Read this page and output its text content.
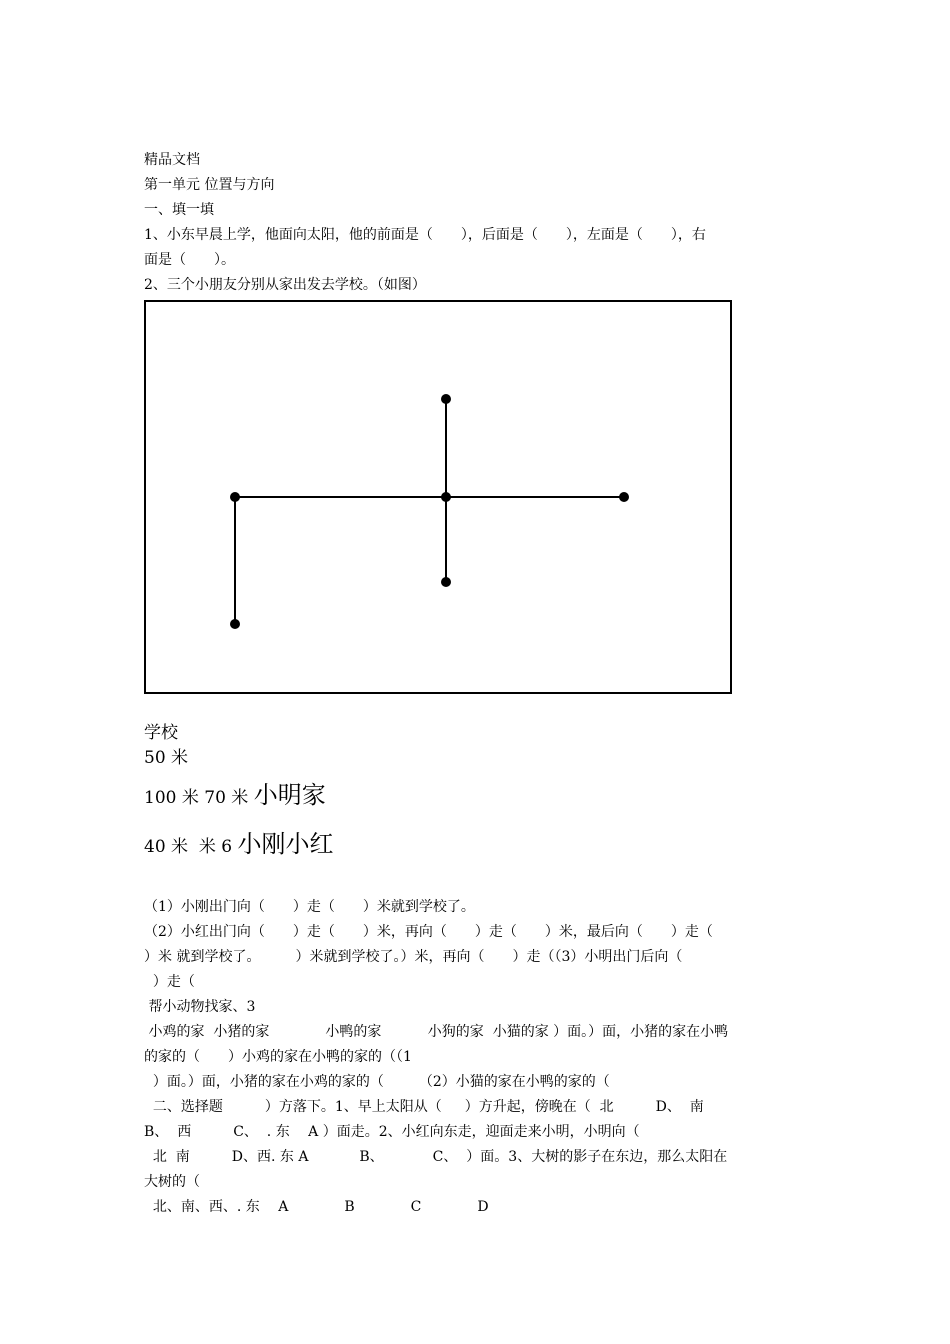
精品文档
第一单元 位置与方向
一、填一填
1、小东早晨上学，他面向太阳，他的前面是（　　），后面是（　　），左面是（　　），右
面是（　　）。
2、三个小朋友分别从家出发去学校。（如图）
学校
50 米
100 米 70 米 小明家
40 米  米 6 小刚小红
（1）小刚出门向（　　）走（　　）米就到学校了。
（2）小红出门向（　　）走（　　）米，再向（　　）走（　　）米，最后向（　　）走（
）米 就到学校了。　　　）米就到学校了。）米，再向（　　）走（（3）小明出门后向（
）走（
帮小动物找家、3
小鸡的家  小猪的家　　　　小鸭的家　　　 小狗的家  小猫的家 ）面。）面，小猪的家在小鸭
的家的（　　）小鸡的家在小鸭的家的（（1
）面。）面，小猪的家在小鸡的家的（　　　（2）小猫的家在小鸭的家的（
二、选择题　　　）方落下。1、早上太阳从（　  ）方升起，傍晚在（  北　　　D、  南
B、  西　　　C、  . 东　 A ）面走。2、小红向东走，迎面走来小明，小明向（
北  南　　　D、西. 东 A　　　  B、　　　　C、  ）面。3、大树的影子在东边，那么太阳在
大树的（
北、南、西、. 东　 A　　　　B　　　　C　　　　D
